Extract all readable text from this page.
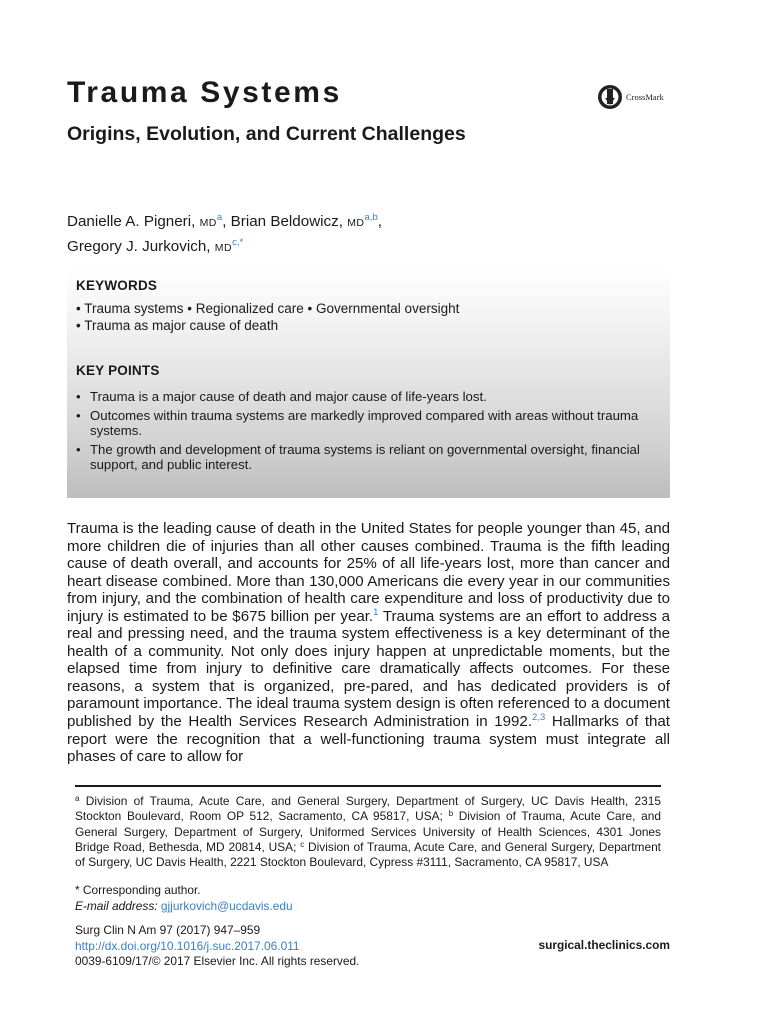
Trauma Systems
Origins, Evolution, and Current Challenges
CrossMark
Danielle A. Pigneri, MD$^a$, Brian Beldowicz, MD$^{a,b}$,
Gregory J. Jurkovich, MD$^{c,*}$
KEYWORDS
• Trauma systems • Regionalized care • Governmental oversight
• Trauma as major cause of death
KEY POINTS
• Trauma is a major cause of death and major cause of life-years lost.
• Outcomes within trauma systems are markedly improved compared with areas without trauma systems.
• The growth and development of trauma systems is reliant on governmental oversight, financial support, and public interest.

Trauma is the leading cause of death in the United States for people younger than 45, and more children die of injuries than all other causes combined. Trauma is the fifth leading cause of death overall, and accounts for 25% of all life-years lost, more than cancer and heart disease combined. More than 130,000 Americans die every year in our communities from injury, and the combination of health care expenditure and loss of productivity due to injury is estimated to be $675 billion per year.$^1$ Trauma systems are an effort to address a real and pressing need, and the trauma system effectiveness is a key determinant of the health of a community. Not only does injury happen at unpredictable moments, but the elapsed time from injury to definitive care dramatically affects outcomes. For these reasons, a system that is organized, pre-pared, and has dedicated providers is of paramount importance. The ideal trauma system design is often referenced to a document published by the Health Services Research Administration in 1992.$^{2,3}$ Hallmarks of that report were the recognition that a well-functioning trauma system must integrate all phases of care to allow for

$^a$ Division of Trauma, Acute Care, and General Surgery, Department of Surgery, UC Davis Health, 2315 Stockton Boulevard, Room OP 512, Sacramento, CA 95817, USA; $^b$ Division of Trauma, Acute Care, and General Surgery, Department of Surgery, Uniformed Services University of Health Sciences, 4301 Jones Bridge Road, Bethesda, MD 20814, USA; $^c$ Division of Trauma, Acute Care, and General Surgery, Department of Surgery, UC Davis Health, 2221 Stockton Boulevard, Cypress #3111, Sacramento, CA 95817, USA

* Corresponding author.
E-mail address: gjjurkovich@ucdavis.edu
Surg Clin N Am 97 (2017) 947–959
http://dx.doi.org/10.1016/j.suc.2017.06.011
0039-6109/17/© 2017 Elsevier Inc. All rights reserved.
surgical.theclinics.com
